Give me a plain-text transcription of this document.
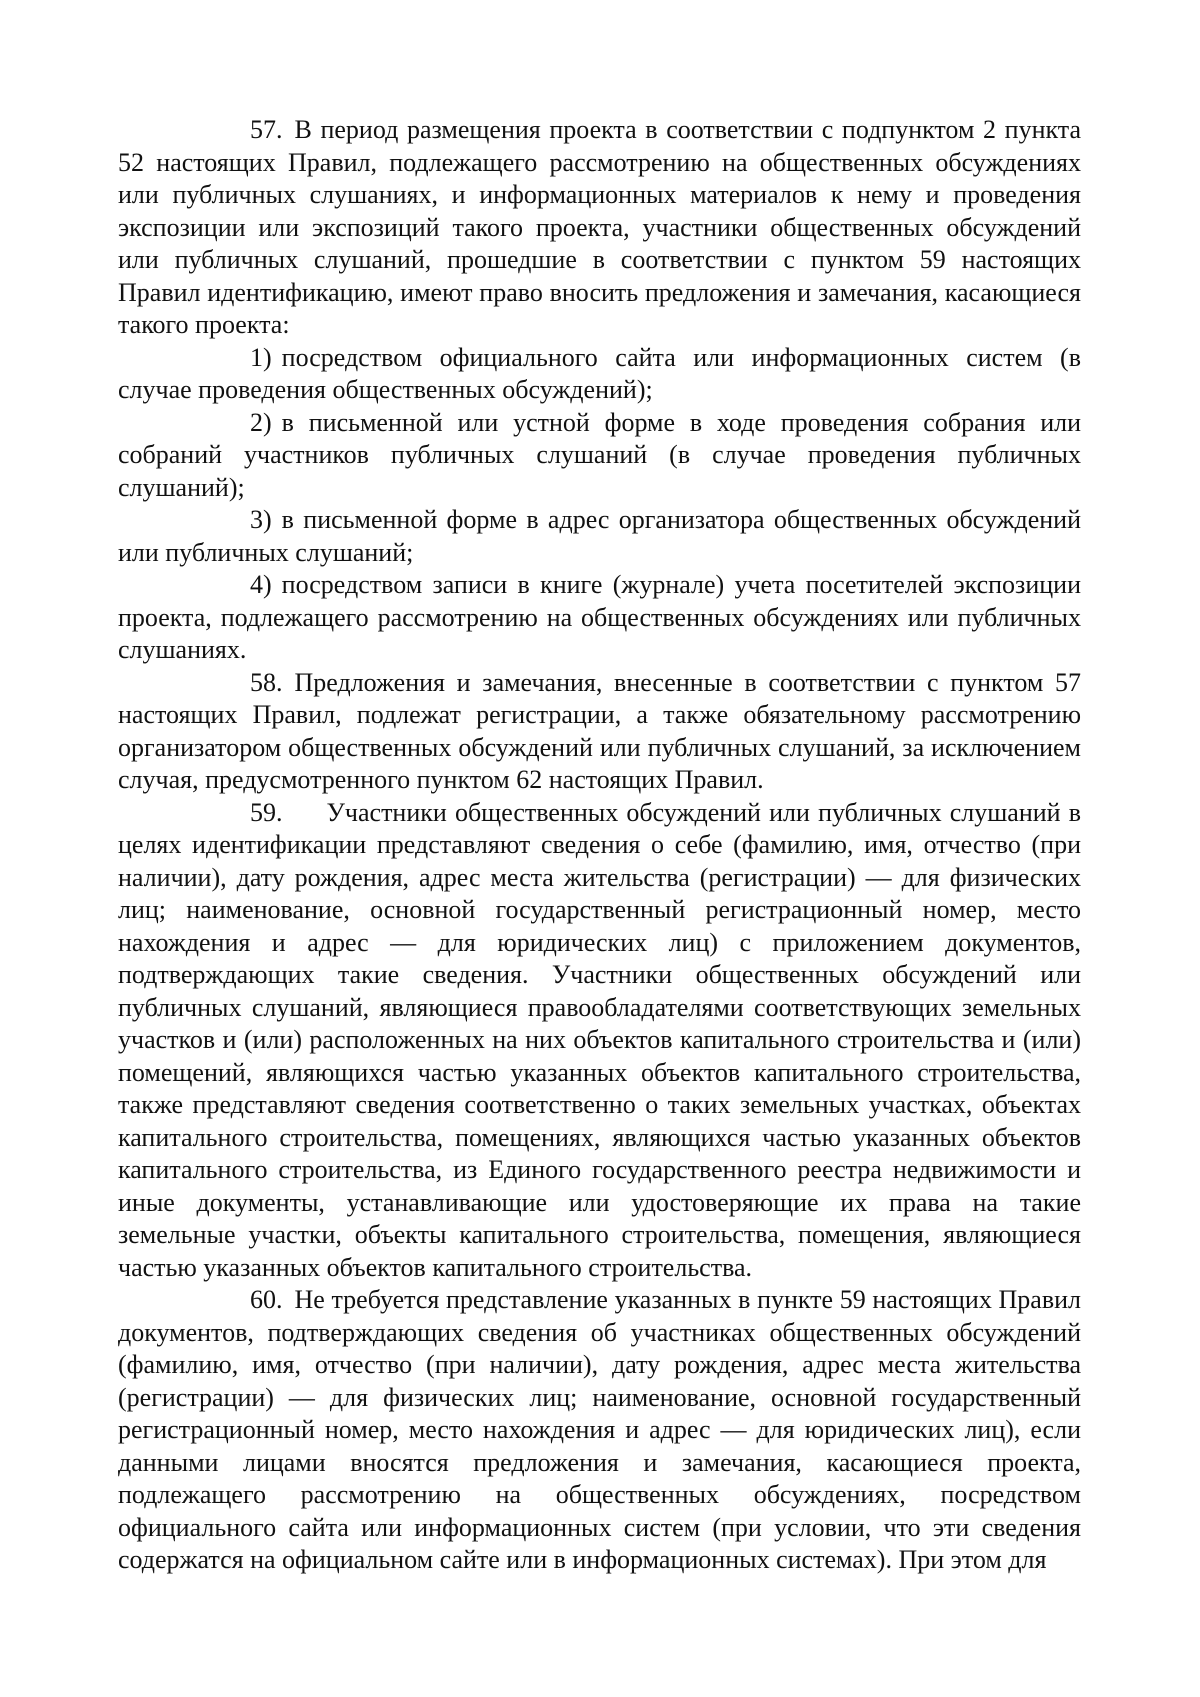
57. В период размещения проекта в соответствии с подпунктом 2 пункта 52 настоящих Правил, подлежащего рассмотрению на общественных обсуждениях или публичных слушаниях, и информационных материалов к нему и проведения экспозиции или экспозиций такого проекта, участники общественных обсуждений или публичных слушаний, прошедшие в соответствии с пунктом 59 настоящих Правил идентификацию, имеют право вносить предложения и замечания, касающиеся такого проекта:

1) посредством официального сайта или информационных систем (в случае проведения общественных обсуждений);

2) в письменной или устной форме в ходе проведения собрания или собраний участников публичных слушаний (в случае проведения публичных слушаний);

3) в письменной форме в адрес организатора общественных обсуждений или публичных слушаний;

4) посредством записи в книге (журнале) учета посетителей экспозиции проекта, подлежащего рассмотрению на общественных обсуждениях или публичных слушаниях.

58. Предложения и замечания, внесенные в соответствии с пунктом 57 настоящих Правил, подлежат регистрации, а также обязательному рассмотрению организатором общественных обсуждений или публичных слушаний, за исключением случая, предусмотренного пунктом 62 настоящих Правил.

59. Участники общественных обсуждений или публичных слушаний в целях идентификации представляют сведения о себе (фамилию, имя, отчество (при наличии), дату рождения, адрес места жительства (регистрации) — для физических лиц; наименование, основной государственный регистрационный номер, место нахождения и адрес — для юридических лиц) с приложением документов, подтверждающих такие сведения. Участники общественных обсуждений или публичных слушаний, являющиеся правообладателями соответствующих земельных участков и (или) расположенных на них объектов капитального строительства и (или) помещений, являющихся частью указанных объектов капитального строительства, также представляют сведения соответственно о таких земельных участках, объектах капитального строительства, помещениях, являющихся частью указанных объектов капитального строительства, из Единого государственного реестра недвижимости и иные документы, устанавливающие или удостоверяющие их права на такие земельные участки, объекты капитального строительства, помещения, являющиеся частью указанных объектов капитального строительства.

60. Не требуется представление указанных в пункте 59 настоящих Правил документов, подтверждающих сведения об участниках общественных обсуждений (фамилию, имя, отчество (при наличии), дату рождения, адрес места жительства (регистрации) — для физических лиц; наименование, основной государственный регистрационный номер, место нахождения и адрес — для юридических лиц), если данными лицами вносятся предложения и замечания, касающиеся проекта, подлежащего рассмотрению на общественных обсуждениях, посредством официального сайта или информационных систем (при условии, что эти сведения содержатся на официальном сайте или в информационных системах). При этом для
